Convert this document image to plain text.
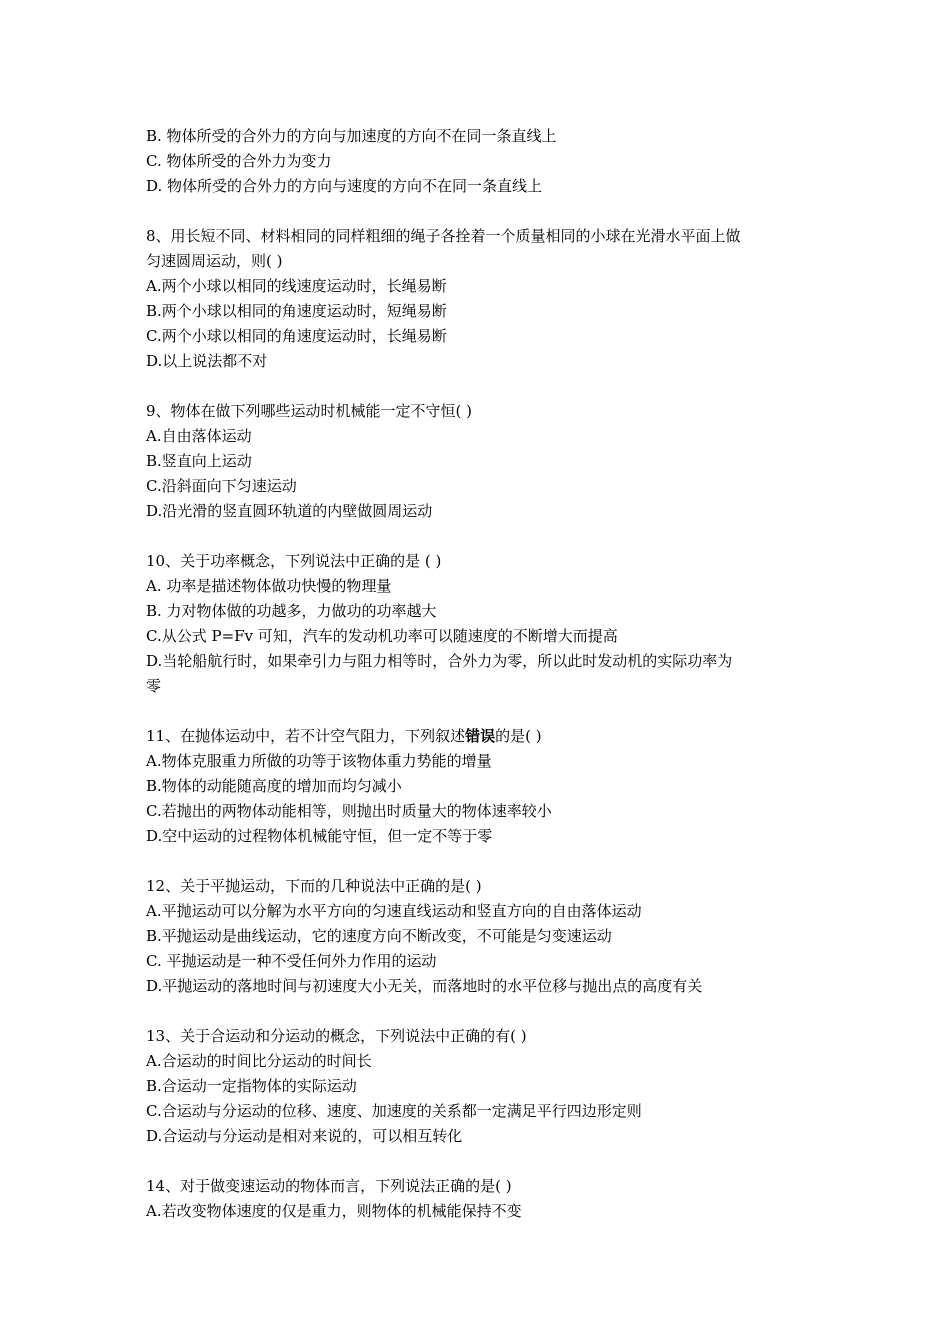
B. 物体所受的合外力的方向与加速度的方向不在同一条直线上
C. 物体所受的合外力为变力
D. 物体所受的合外力的方向与速度的方向不在同一条直线上
8、用长短不同、材料相同的同样粗细的绳子各拴着一个质量相同的小球在光滑水平面上做
匀速圆周运动，则( )
A.两个小球以相同的线速度运动时，长绳易断
B.两个小球以相同的角速度运动时，短绳易断
C.两个小球以相同的角速度运动时，长绳易断
D.以上说法都不对
9、物体在做下列哪些运动时机械能一定不守恒( )
A.自由落体运动
B.竖直向上运动
C.沿斜面向下匀速运动
D.沿光滑的竖直圆环轨道的内壁做圆周运动
10、关于功率概念，下列说法中正确的是 ( )
A. 功率是描述物体做功快慢的物理量
B. 力对物体做的功越多，力做功的功率越大
C.从公式 P=Fv 可知，汽车的发动机功率可以随速度的不断增大而提高
D.当轮船航行时，如果牵引力与阻力相等时，合外力为零，所以此时发动机的实际功率为
零
11、在抛体运动中，若不计空气阻力，下列叙述错误的是( )
A.物体克服重力所做的功等于该物体重力势能的增量
B.物体的动能随高度的增加而均匀减小
C.若抛出的两物体动能相等，则抛出时质量大的物体速率较小
D.空中运动的过程物体机械能守恒，但一定不等于零
12、关于平抛运动，下而的几种说法中正确的是( )
A.平抛运动可以分解为水平方向的匀速直线运动和竖直方向的自由落体运动
B.平抛运动是曲线运动，它的速度方向不断改变，不可能是匀变速运动
C. 平抛运动是一种不受任何外力作用的运动
D.平抛运动的落地时间与初速度大小无关，而落地时的水平位移与抛出点的高度有关
13、关于合运动和分运动的概念，下列说法中正确的有( )
A.合运动的时间比分运动的时间长
B.合运动一定指物体的实际运动
C.合运动与分运动的位移、速度、加速度的关系都一定满足平行四边形定则
D.合运动与分运动是相对来说的，可以相互转化
14、对于做变速运动的物体而言，下列说法正确的是( )
A.若改变物体速度的仅是重力，则物体的机械能保持不变
